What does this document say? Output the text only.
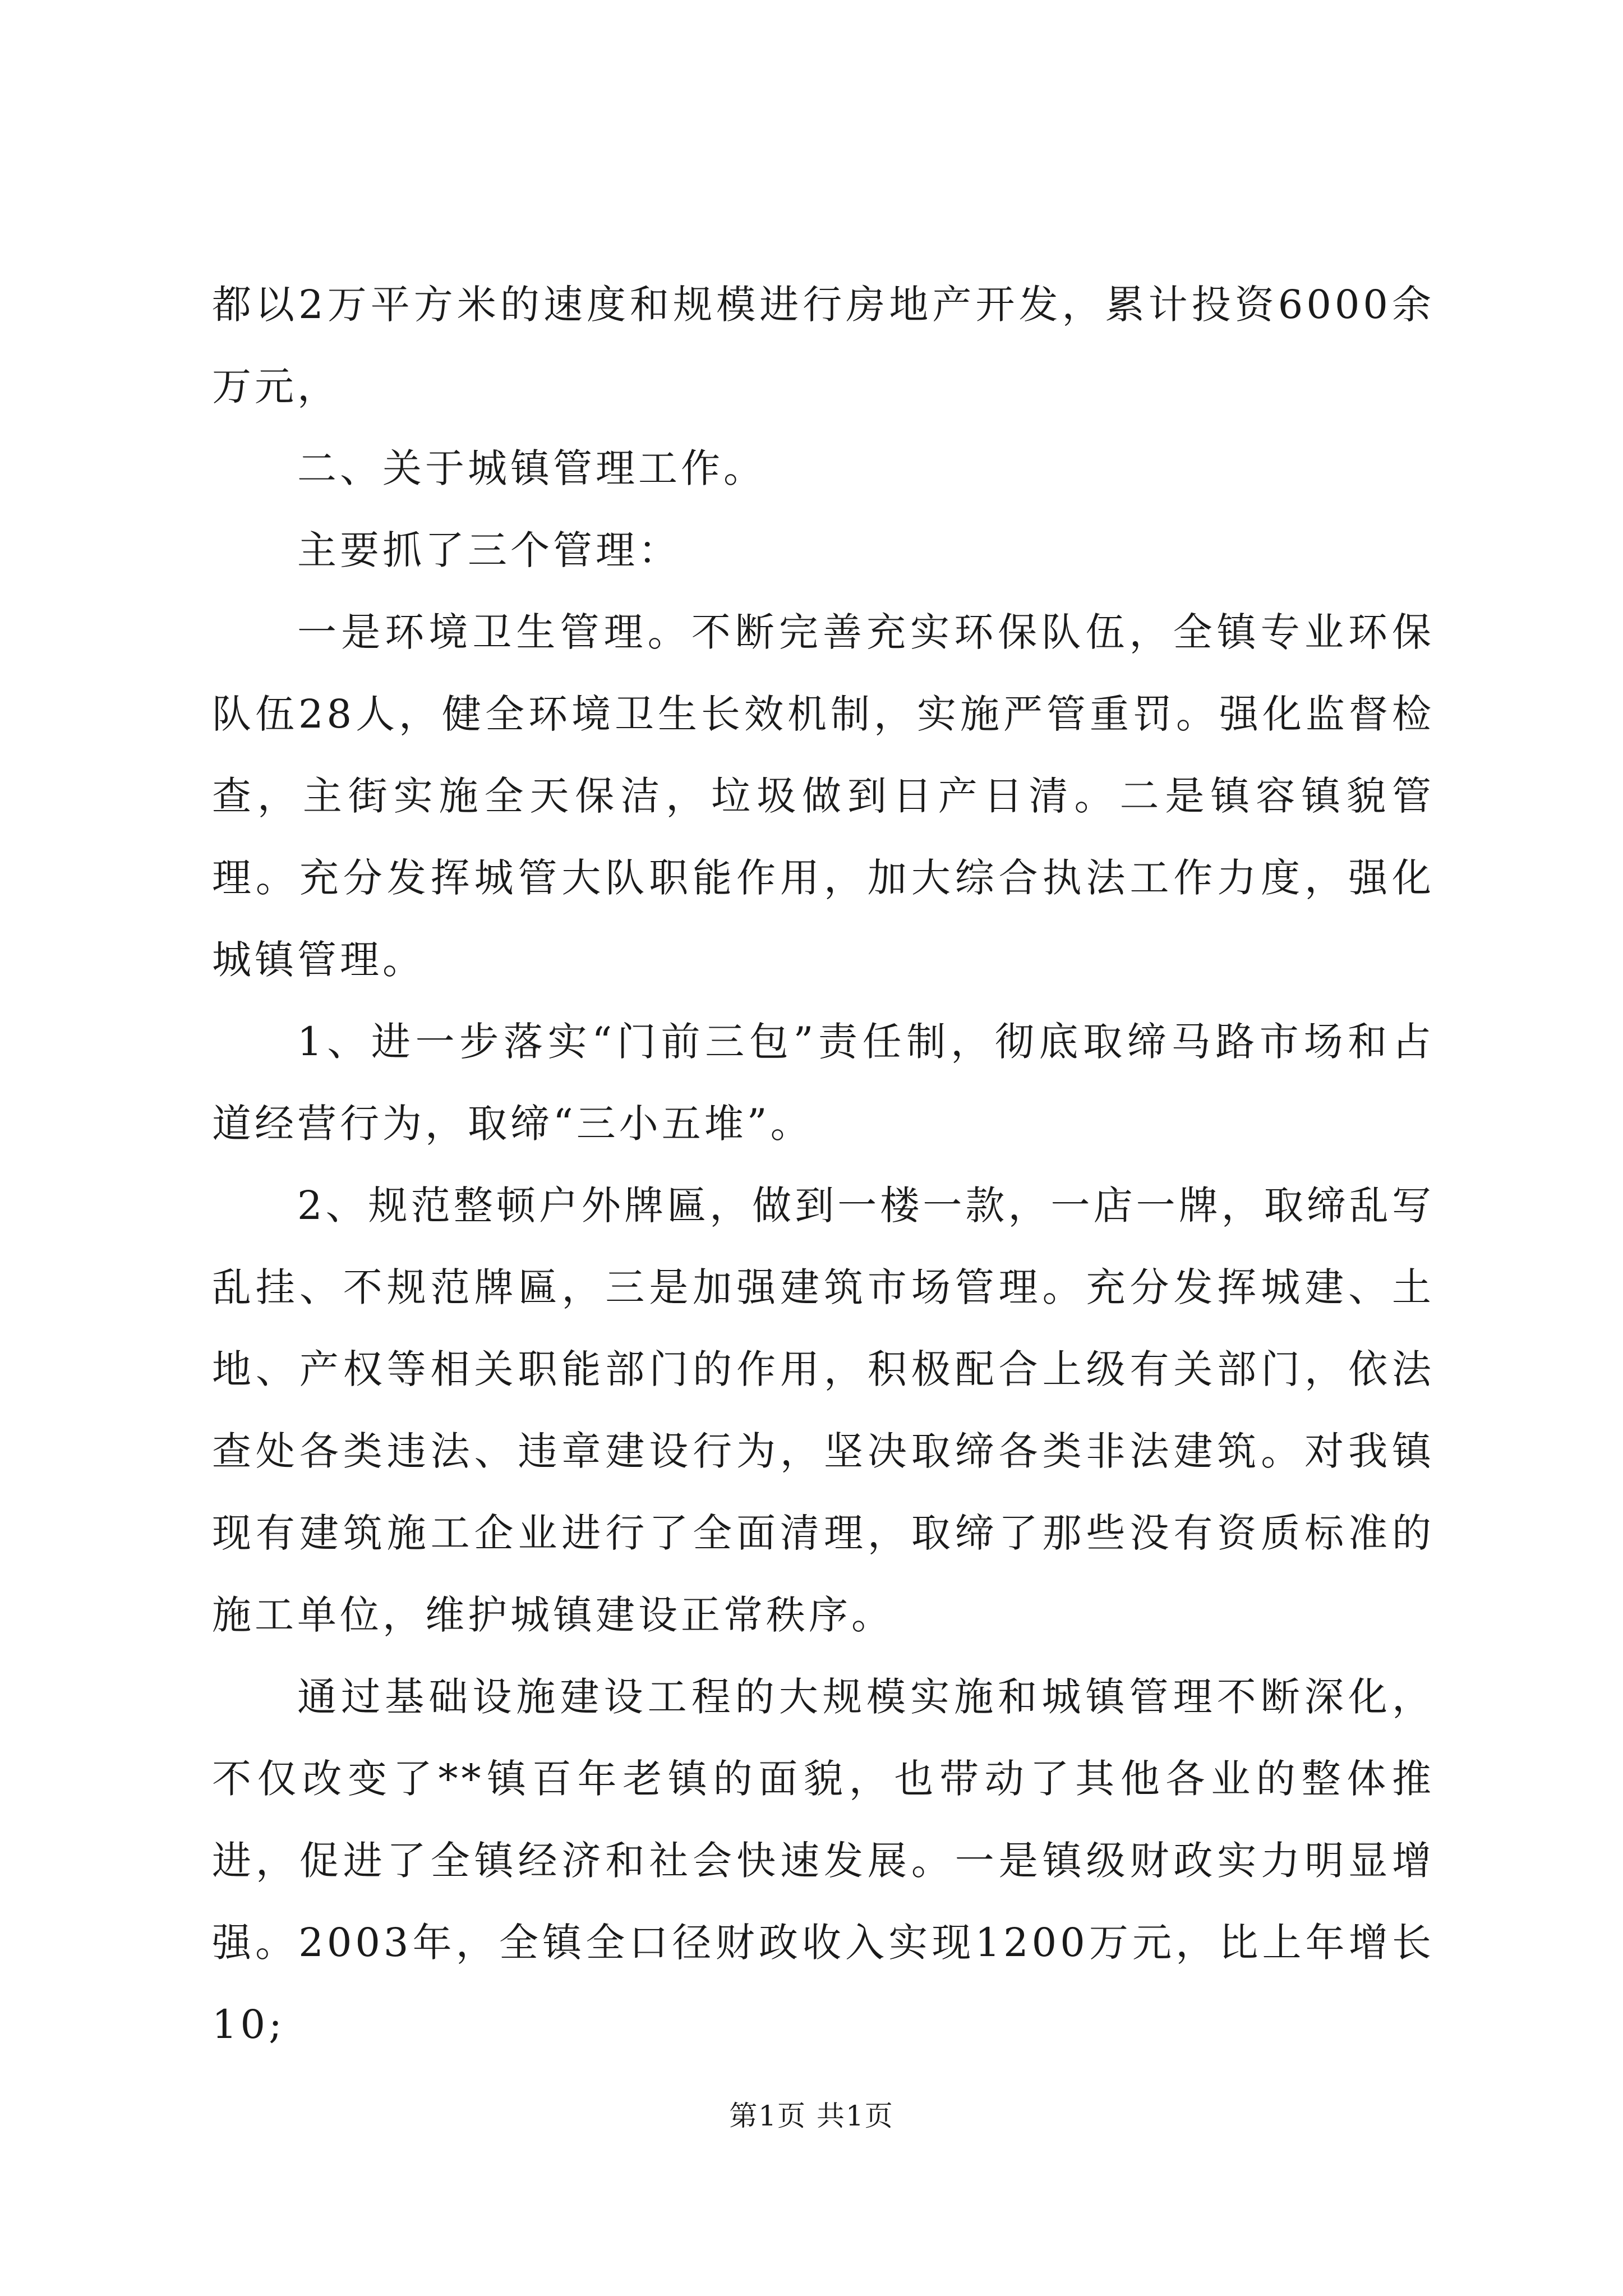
都以2万平方米的速度和规模进行房地产开发，累计投资6000余万元，

二、关于城镇管理工作。

主要抓了三个管理：

一是环境卫生管理。不断完善充实环保队伍，全镇专业环保队伍28人，健全环境卫生长效机制，实施严管重罚。强化监督检查，主街实施全天保洁，垃圾做到日产日清。二是镇容镇貌管理。充分发挥城管大队职能作用，加大综合执法工作力度，强化城镇管理。

1、进一步落实“门前三包”责任制，彻底取缔马路市场和占道经营行为，取缔“三小五堆”。

2、规范整顿户外牌匾，做到一楼一款，一店一牌，取缔乱写乱挂、不规范牌匾，三是加强建筑市场管理。充分发挥城建、土地、产权等相关职能部门的作用，积极配合上级有关部门，依法查处各类违法、违章建设行为，坚决取缔各类非法建筑。对我镇现有建筑施工企业进行了全面清理，取缔了那些没有资质标准的施工单位，维护城镇建设正常秩序。

通过基础设施建设工程的大规模实施和城镇管理不断深化，不仅改变了**镇百年老镇的面貌，也带动了其他各业的整体推进，促进了全镇经济和社会快速发展。一是镇级财政实力明显增强。2003年，全镇全口径财政收入实现1200万元，比上年增长10;

第1页 共1页
